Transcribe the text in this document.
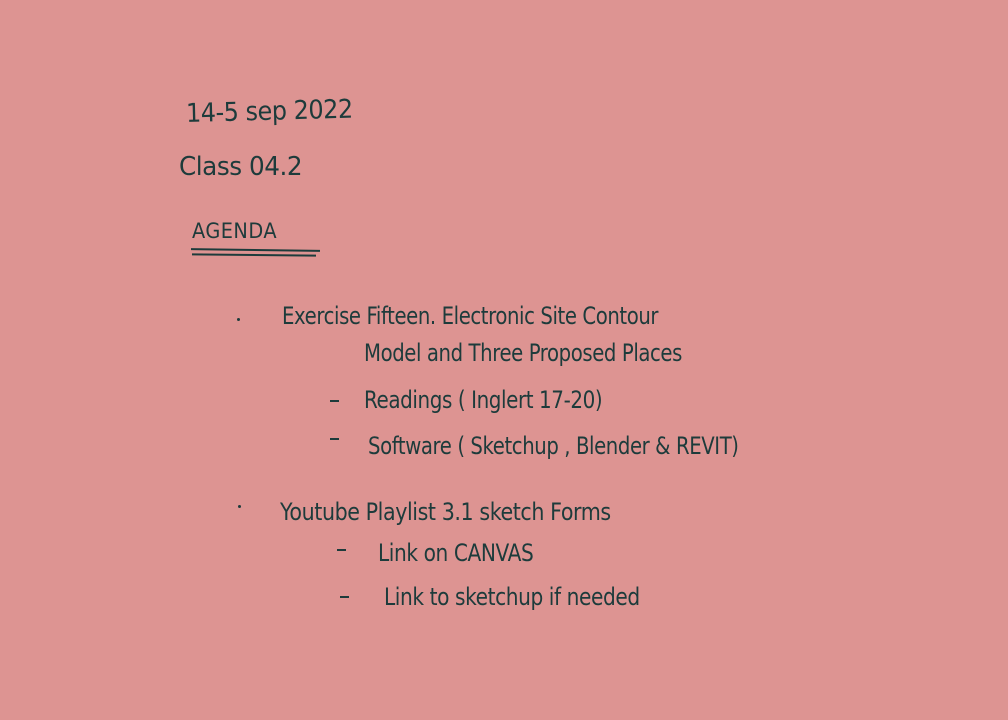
14-5 sep 2022
Class 04.2
AGENDA
Exercise Fifteen. Electronic Site Contour
Model and Three Proposed Places
Readings ( Inglert 17-20)
Software ( Sketchup , Blender & REVIT)
Youtube Playlist 3.1 sketch Forms
Link on CANVAS
Link to sketchup if needed
